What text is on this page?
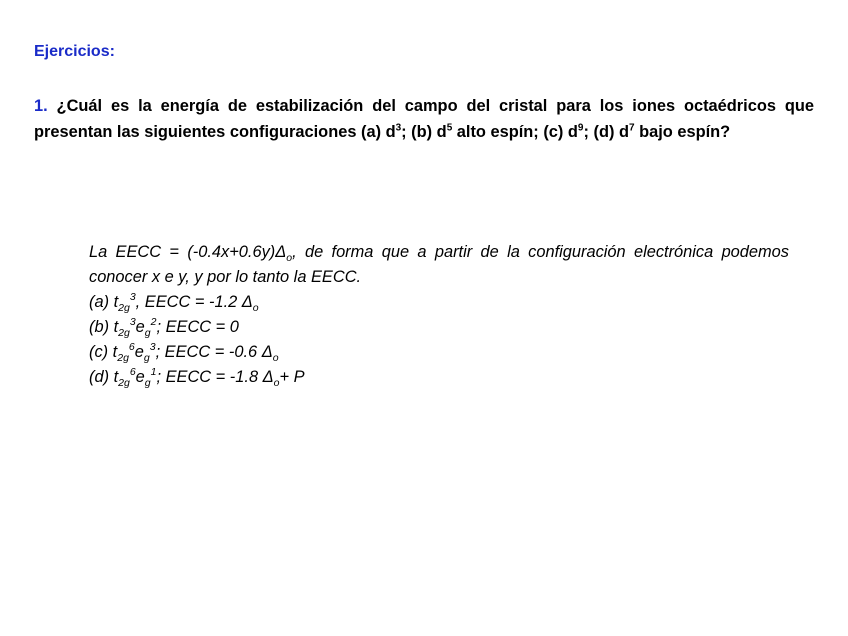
Ejercicios:
1. ¿Cuál es la energía de estabilización del campo del cristal para los iones octaédricos que presentan las siguientes configuraciones (a) $d^3$; (b) $d^5$ alto espín; (c) $d^9$; (d) $d^7$ bajo espín?
La EECC = $(-0.4x+0.6y)\Delta_o$, de forma que a partir de la configuración electrónica podemos conocer x e y, y por lo tanto la EECC.
(a) $t_{2g}^3$, EECC = -1.2 $\Delta_o$
(b) $t_{2g}^3e_g^2$; EECC = 0
(c) $t_{2g}^6e_g^3$; EECC = -0.6 $\Delta_o$
(d) $t_{2g}^6e_g^1$; EECC = -1.8 $\Delta_o+ P$
